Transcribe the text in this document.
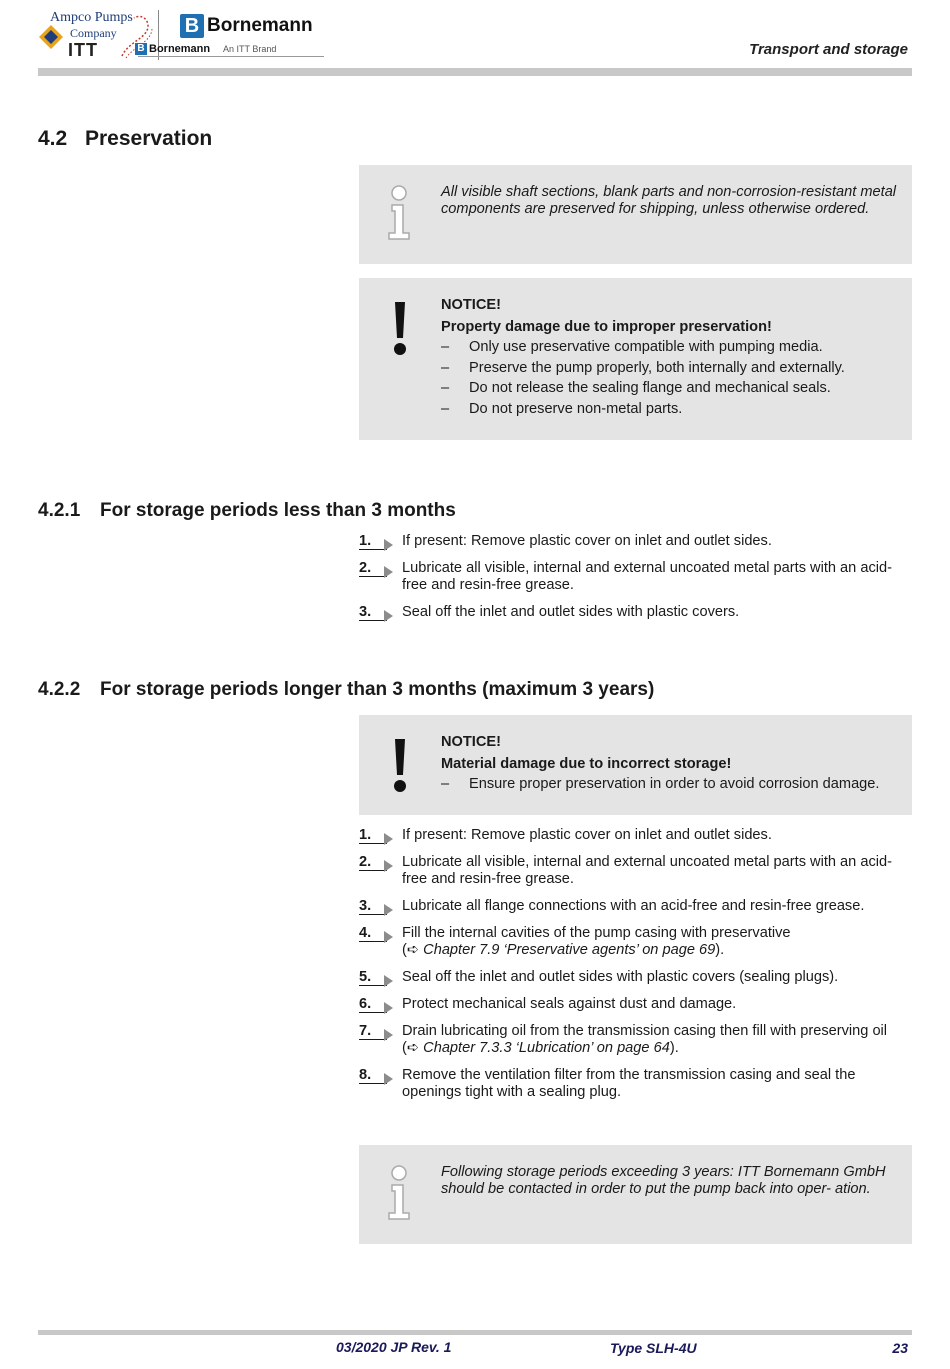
Ampco Pumps
Company
ITT	B Bornemann
B Bornemann
An ITT Brand	Transport and storage
4.2 Preservation
All visible shaft sections, blank parts and non-corrosion-resistant metal components are preserved for shipping, unless otherwise ordered.
NOTICE!
Property damage due to improper preservation!
–	Only use preservative compatible with pumping media.
–	Preserve the pump properly, both internally and externally.
–	Do not release the sealing flange and mechanical seals.
–	Do not preserve non-metal parts.
4.2.1 For storage periods less than 3 months
1. If present: Remove plastic cover on inlet and outlet sides.
2. Lubricate all visible, internal and external uncoated metal parts with an acid-free and resin-free grease.
3. Seal off the inlet and outlet sides with plastic covers.
4.2.2 For storage periods longer than 3 months (maximum 3 years)
NOTICE!
Material damage due to incorrect storage!
–	Ensure proper preservation in order to avoid corrosion damage.
1. If present: Remove plastic cover on inlet and outlet sides.
2. Lubricate all visible, internal and external uncoated metal parts with an acid-free and resin-free grease.
3. Lubricate all flange connections with an acid-free and resin-free grease.
4. Fill the internal cavities of the pump casing with preservative
(➪ Chapter 7.9 ‘Preservative agents’ on page 69).
5. Seal off the inlet and outlet sides with plastic covers (sealing plugs).
6. Protect mechanical seals against dust and damage.
7. Drain lubricating oil from the transmission casing then fill with preserving oil
(➪ Chapter 7.3.3 ‘Lubrication’ on page 64).
8. Remove the ventilation filter from the transmission casing and seal the openings tight with a sealing plug.
Following storage periods exceeding 3 years: ITT Bornemann GmbH should be contacted in order to put the pump back into oper- ation.
03/2020 JP Rev. 1	Type SLH-4U	23
